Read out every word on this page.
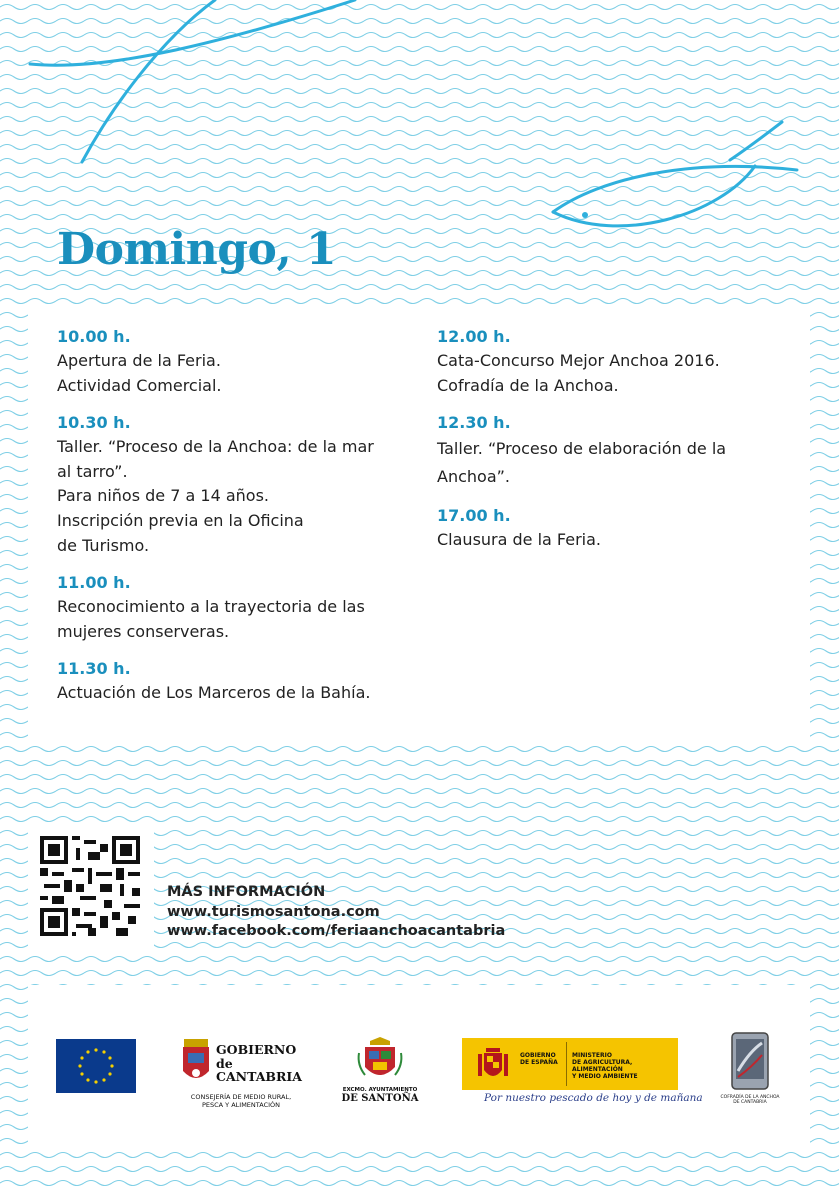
Domingo, 1
10.00 h.
Apertura de la Feria.
Actividad Comercial.
10.30 h.
Taller. “Proceso de la Anchoa: de la mar
al tarro”.
Para niños de 7 a 14 años.
Inscripción previa en la Oficina
de Turismo.
11.00 h.
Reconocimiento a la trayectoria de las
mujeres conserveras.
11.30 h.
Actuación de Los Marceros de la Bahía.
12.00 h.
Cata-Concurso Mejor Anchoa 2016.
Cofradía de la Anchoa.
12.30 h.
Taller. “Proceso de elaboración de la
Anchoa”.
17.00 h.
Clausura de la Feria.
MÁS INFORMACIÓN
www.turismosantona.com
www.facebook.com/feriaanchoacantabria
GOBIERNO
de
CANTABRIA
CONSEJERÍA DE MEDIO RURAL,
PESCA Y ALIMENTACIÓN
EXCMO. AYUNTAMIENTO
DE SANTOÑA
GOBIERNO
DE ESPAÑA
MINISTERIO
DE AGRICULTURA, ALIMENTACIÓN
Y MEDIO AMBIENTE
Por nuestro pescado de hoy y de mañana	COFRADÍA DE LA ANCHOA
DE CANTABRIA
